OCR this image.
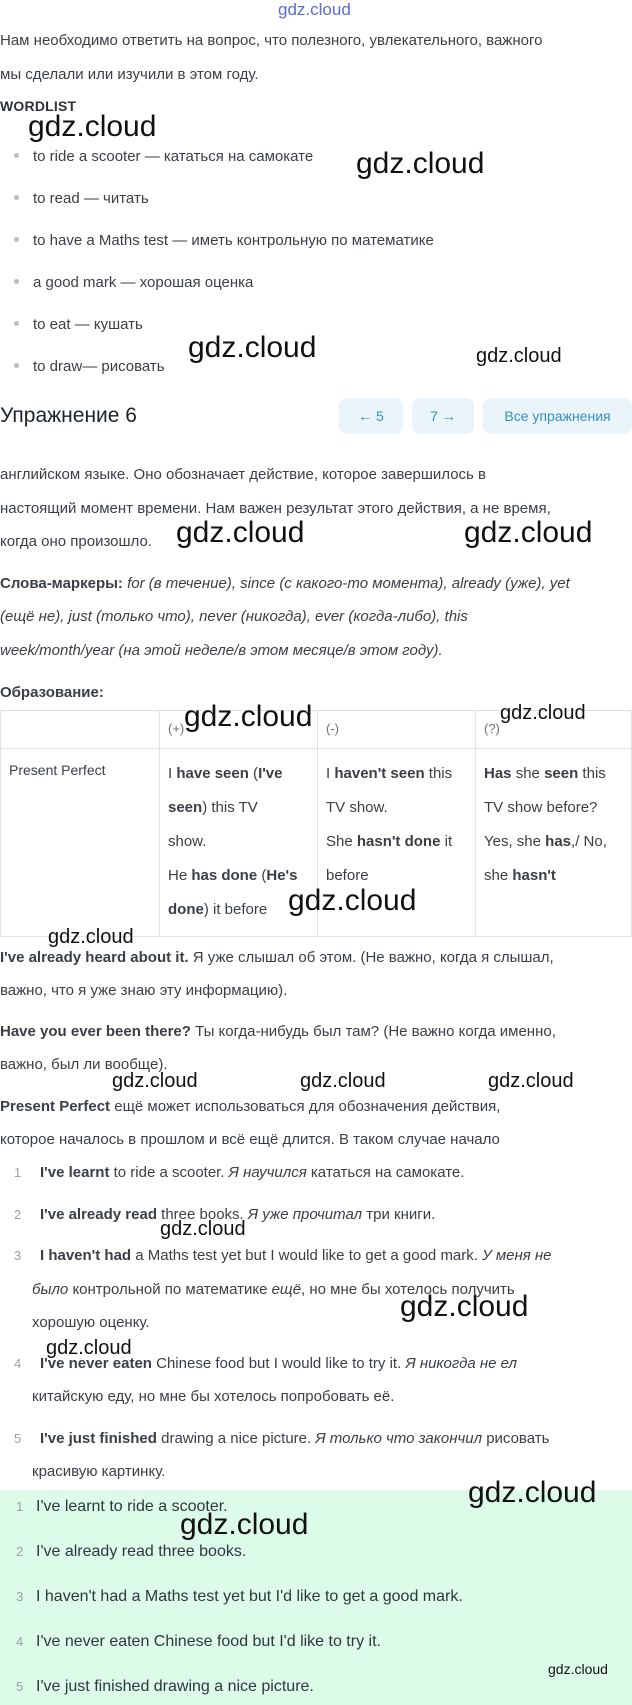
gdz.cloud
Нам необходимо ответить на вопрос, что полезного, увлекательного, важного
мы сделали или изучили в этом году.
WORDLIST
to ride a scooter — кататься на самокате
to read — читать
to have a Maths test — иметь контрольную по математике
a good mark — хорошая оценка
to eat — кушать
to draw— рисовать
Упражнение 6	← 5	7 →	Все упражнения
английском языке. Оно обозначает действие, которое завершилось в
настоящий момент времени. Нам важен результат этого действия, а не время,
когда оно произошло.
Слова-маркеры: for (в течение), since (с какого-то момента), already (уже), yet
(ещё не), just (только что), never (никогда), ever (когда-либо), this
week/month/year (на этой неделе/в этом месяце/в этом году).
Образование:
	(+)	(-)	(?)
Present Perfect	I have seen (I've
seen) this TV
show.
He has done (He's
done) it before	I haven't seen this
TV show.
She hasn't done it
before	Has she seen this
TV show before?
Yes, she has,/ No,
she hasn't
I've already heard about it. Я уже слышал об этом. (Не важно, когда я слышал,
важно, что я уже знаю эту информацию).
Have you ever been there? Ты когда-нибудь был там? (Не важно когда именно,
важно, был ли вообще).
Present Perfect ещё может использоваться для обозначения действия,
которое началось в прошлом и всё ещё длится. В таком случае начало
1 I've learnt to ride a scooter. Я научился кататься на самокате.
2 I've already read three books. Я уже прочитал три книги.
3 I haven't had a Maths test yet but I would like to get a good mark. У меня не
было контрольной по математике ещё, но мне бы хотелось получить
хорошую оценку.
4 I've never eaten Chinese food but I would like to try it. Я никогда не ел
китайскую еду, но мне бы хотелось попробовать её.
5 I've just finished drawing a nice picture. Я только что закончил рисовать
красивую картинку.
1 I've learnt to ride a scooter.
2 I've already read three books.
3 I haven't had a Maths test yet but I'd like to get a good mark.
4 I've never eaten Chinese food but I'd like to try it.
5 I've just finished drawing a nice picture.
gdz.cloud
gdz.cloud
gdz.cloud	gdz.cloud
gdz.cloud	gdz.cloud
gdz.cloud	gdz.cloud
gdz.cloud
gdz.cloud
gdz.cloud	gdz.cloud	gdz.cloud
gdz.cloud
gdz.cloud
gdz.cloud
gdz.cloud
gdz.cloud
gdz.cloud
